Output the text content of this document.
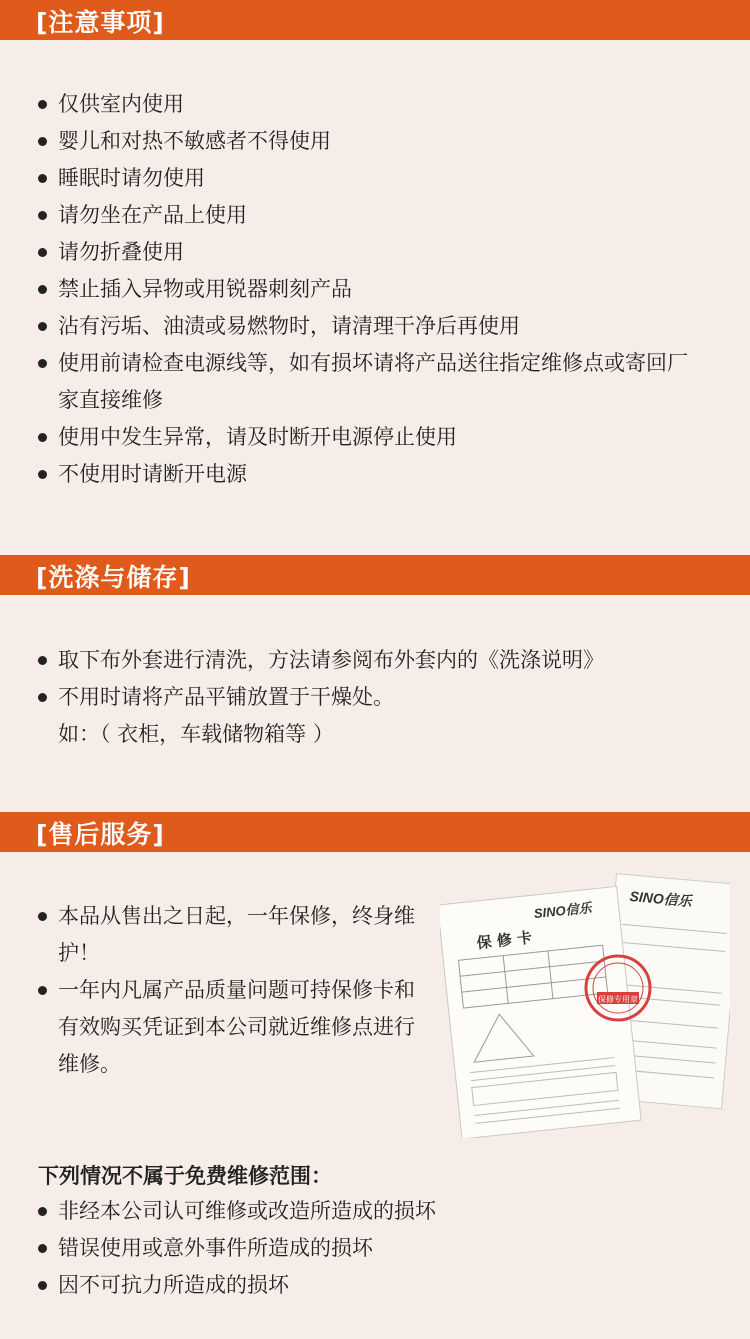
[注意事项]
仅供室内使用
婴儿和对热不敏感者不得使用
睡眠时请勿使用
请勿坐在产品上使用
请勿折叠使用
禁止插入异物或用锐器刺刻产品
沾有污垢、油渍或易燃物时，请清理干净后再使用
使用前请检查电源线等，如有损坏请将产品送往指定维修点或寄回厂家直接维修
使用中发生异常，请及时断开电源停止使用
不使用时请断开电源
[洗涤与储存]
取下布外套进行清洗，方法请参阅布外套内的《洗涤说明》
不用时请将产品平铺放置于干燥处。
如：（ 衣柜，车载储物箱等 ）
[售后服务]
本品从售出之日起，一年保修，终身维护！
一年内凡属产品质量问题可持保修卡和有效购买凭证到本公司就近维修点进行维修。
SINO信乐
SINO信乐
保 修 卡
保修专用章
下列情况不属于免费维修范围：
非经本公司认可维修或改造所造成的损坏
错误使用或意外事件所造成的损坏
因不可抗力所造成的损坏
